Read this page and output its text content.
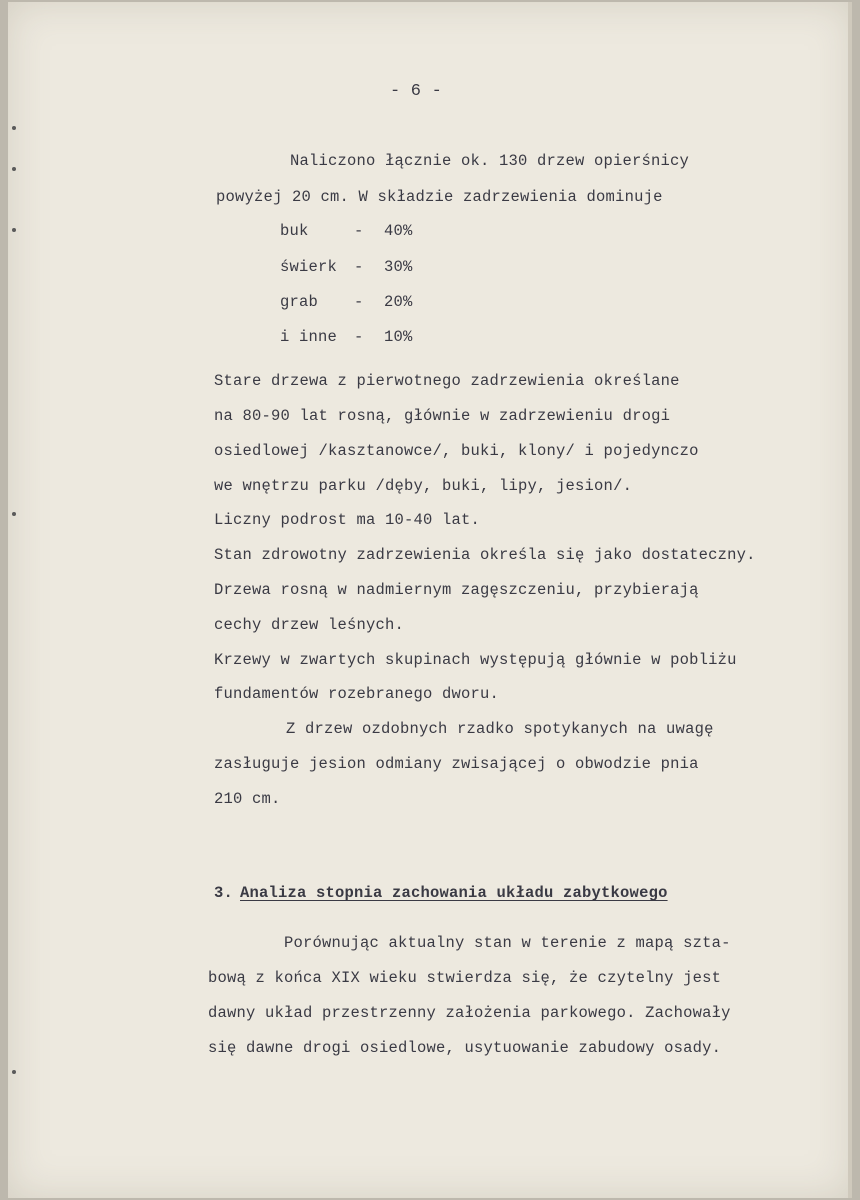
- 6 -
Naliczono łącznie ok. 130 drzew opierśnicy
powyżej 20 cm. W składzie zadrzewienia dominuje
buk	- 40%
świerk - 30%
grab - 20%
i inne - 10%
Stare drzewa z pierwotnego zadrzewienia określane
na 80-90 lat rosną, głównie w zadrzewieniu drogi
osiedlowej /kasztanowce/, buki, klony/ i pojedynczo
we wnętrzu parku /dęby, buki, lipy, jesion/.
Liczny podrost ma 10-40 lat.
Stan zdrowotny zadrzewienia określa się jako dostateczny.
Drzewa rosną w nadmiernym zagęszczeniu, przybierają
cechy drzew leśnych.
Krzewy w zwartych skupinach występują głównie w pobliżu
fundamentów rozebranego dworu.
Z drzew ozdobnych rzadko spotykanych na uwagę
zasługuje jesion odmiany zwisającej o obwodzie pnia
210 cm.
3. Analiza stopnia zachowania układu zabytkowego
Porównując aktualny stan w terenie z mapą szta-
bową z końca XIX wieku stwierdza się, że czytelny jest
dawny układ przestrzenny założenia parkowego. Zachowały
się dawne drogi osiedlowe, usytuowanie zabudowy osady.
